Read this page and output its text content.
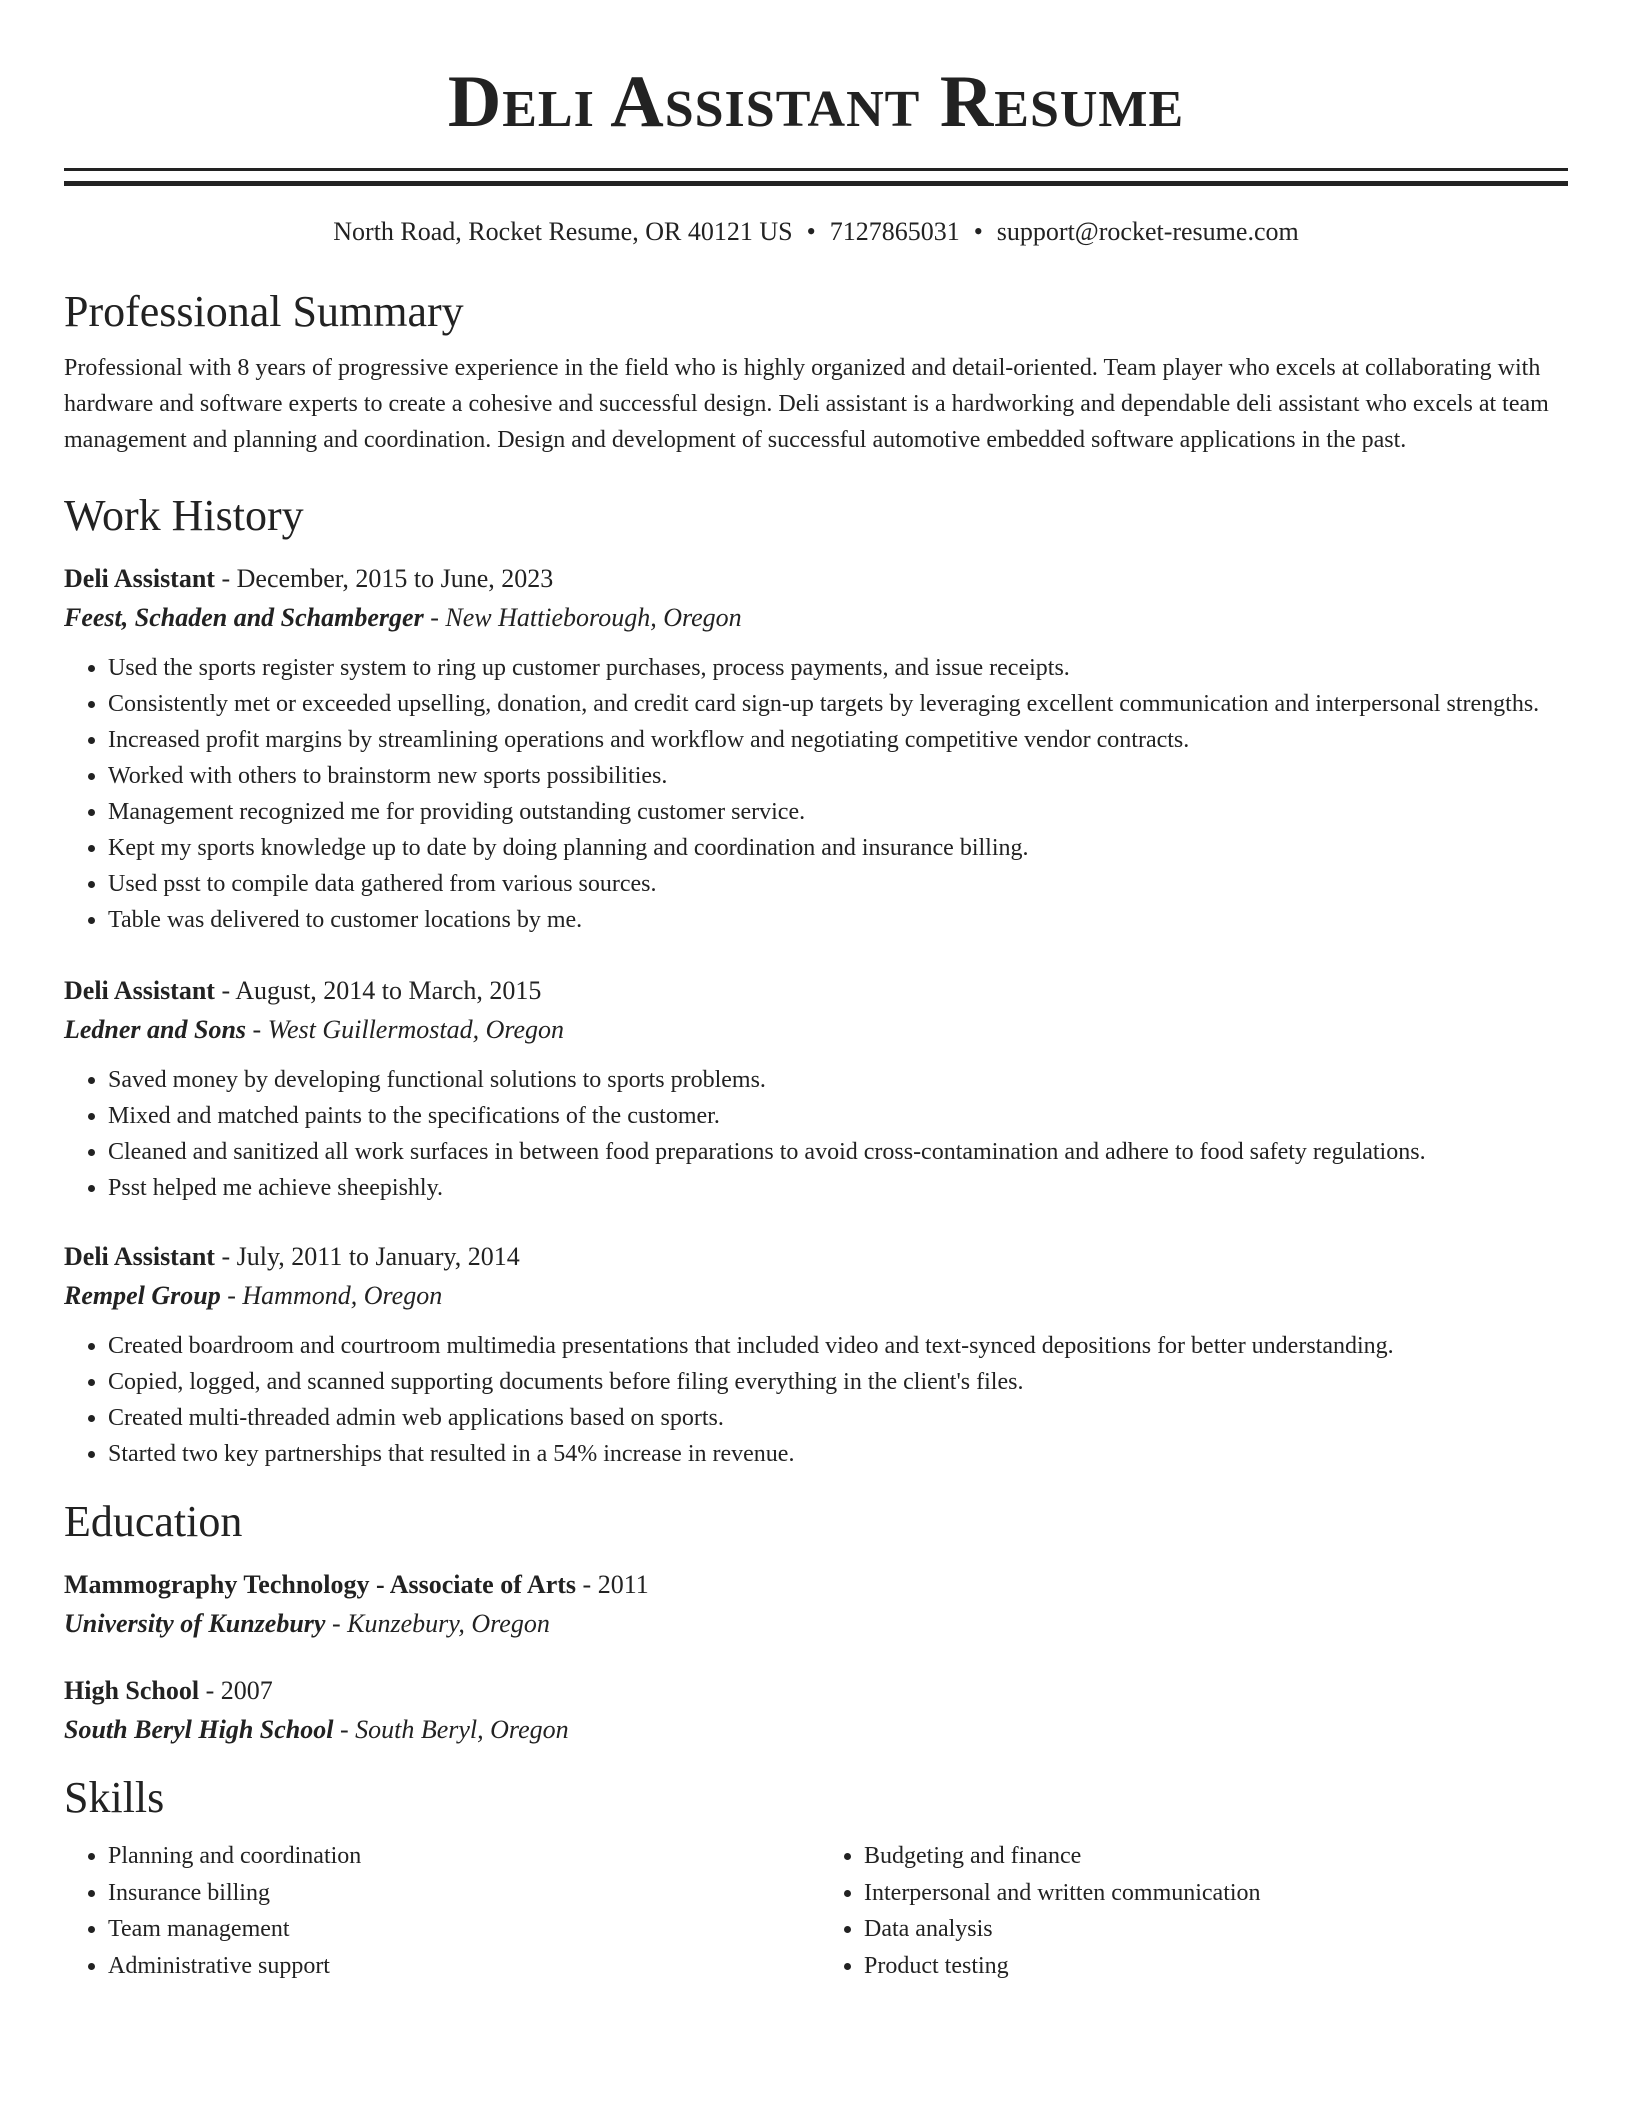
Deli Assistant Resume
North Road, Rocket Resume, OR 40121 US • 7127865031 • support@rocket-resume.com
Professional Summary
Professional with 8 years of progressive experience in the field who is highly organized and detail-oriented. Team player who excels at collaborating with hardware and software experts to create a cohesive and successful design. Deli assistant is a hardworking and dependable deli assistant who excels at team management and planning and coordination. Design and development of successful automotive embedded software applications in the past.
Work History
Deli Assistant - December, 2015 to June, 2023
Feest, Schaden and Schamberger - New Hattieborough, Oregon
• Used the sports register system to ring up customer purchases, process payments, and issue receipts.
• Consistently met or exceeded upselling, donation, and credit card sign-up targets by leveraging excellent communication and interpersonal strengths.
• Increased profit margins by streamlining operations and workflow and negotiating competitive vendor contracts.
• Worked with others to brainstorm new sports possibilities.
• Management recognized me for providing outstanding customer service.
• Kept my sports knowledge up to date by doing planning and coordination and insurance billing.
• Used psst to compile data gathered from various sources.
• Table was delivered to customer locations by me.
Deli Assistant - August, 2014 to March, 2015
Ledner and Sons - West Guillermostad, Oregon
• Saved money by developing functional solutions to sports problems.
• Mixed and matched paints to the specifications of the customer.
• Cleaned and sanitized all work surfaces in between food preparations to avoid cross-contamination and adhere to food safety regulations.
• Psst helped me achieve sheepishly.
Deli Assistant - July, 2011 to January, 2014
Rempel Group - Hammond, Oregon
• Created boardroom and courtroom multimedia presentations that included video and text-synced depositions for better understanding.
• Copied, logged, and scanned supporting documents before filing everything in the client's files.
• Created multi-threaded admin web applications based on sports.
• Started two key partnerships that resulted in a 54% increase in revenue.
Education
Mammography Technology - Associate of Arts - 2011
University of Kunzebury - Kunzebury, Oregon
High School - 2007
South Beryl High School - South Beryl, Oregon
Skills
• Planning and coordination
• Insurance billing
• Team management
• Administrative support
• Budgeting and finance
• Interpersonal and written communication
• Data analysis
• Product testing
